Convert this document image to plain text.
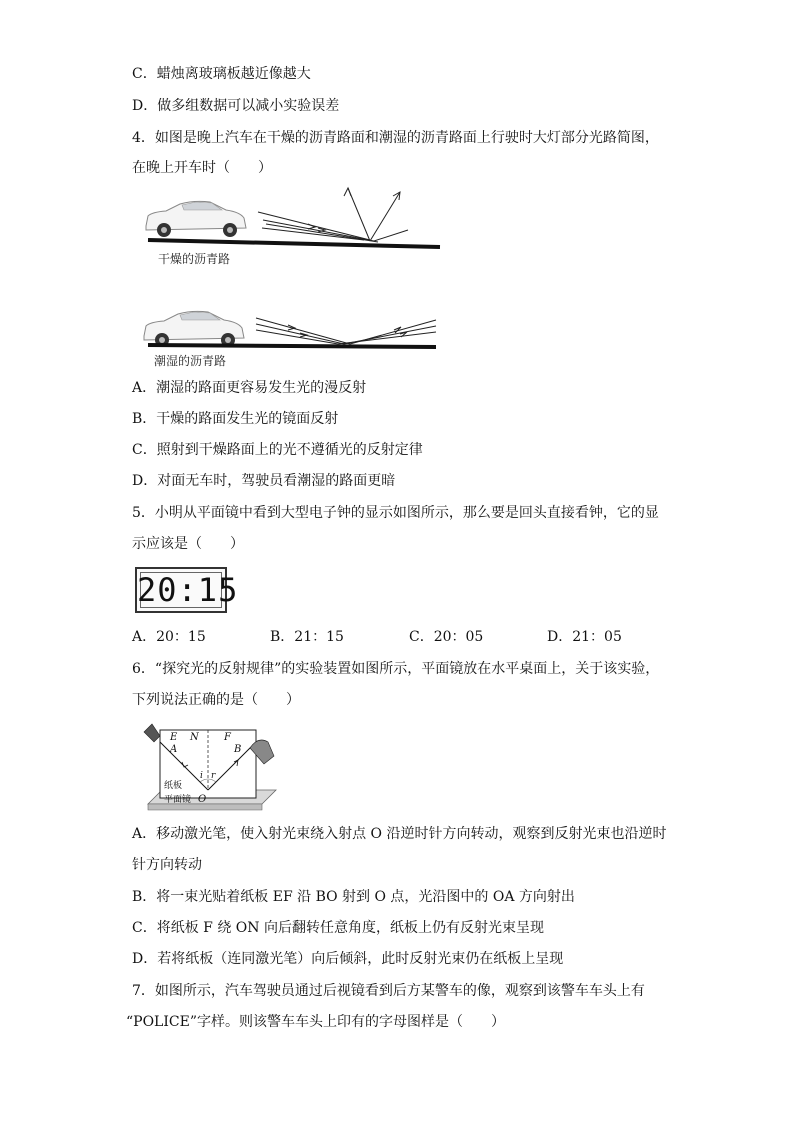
C．蜡烛离玻璃板越近像越大
D．做多组数据可以减小实验误差
4．如图是晚上汽车在干燥的沥青路面和潮湿的沥青路面上行驶时大灯部分光路简图，
在晚上开车时（　　）
干燥的沥青路
潮湿的沥青路
A．潮湿的路面更容易发生光的漫反射
B．干燥的路面发生光的镜面反射
C．照射到干燥路面上的光不遵循光的反射定律
D．对面无车时，驾驶员看潮湿的路面更暗
5．小明从平面镜中看到大型电子钟的显示如图所示，那么要是回头直接看钟，它的显
示应该是（　　）
20:15
A．20：15	B．21：15	C．20：05	D．21：05
6．“探究光的反射规律”的实验装置如图所示，平面镜放在水平桌面上，关于该实验，
下列说法正确的是（　　）
E N	F
A	B
i r
O
纸板
平面镜
A．移动激光笔，使入射光束绕入射点 O 沿逆时针方向转动，观察到反射光束也沿逆时
针方向转动
B．将一束光贴着纸板 EF 沿 BO 射到 O 点，光沿图中的 OA 方向射出
C．将纸板 F 绕 ON 向后翻转任意角度，纸板上仍有反射光束呈现
D．若将纸板（连同激光笔）向后倾斜，此时反射光束仍在纸板上呈现
7．如图所示，汽车驾驶员通过后视镜看到后方某警车的像，观察到该警车车头上有
“POLICE”字样。则该警车车头上印有的字母图样是（　　）
